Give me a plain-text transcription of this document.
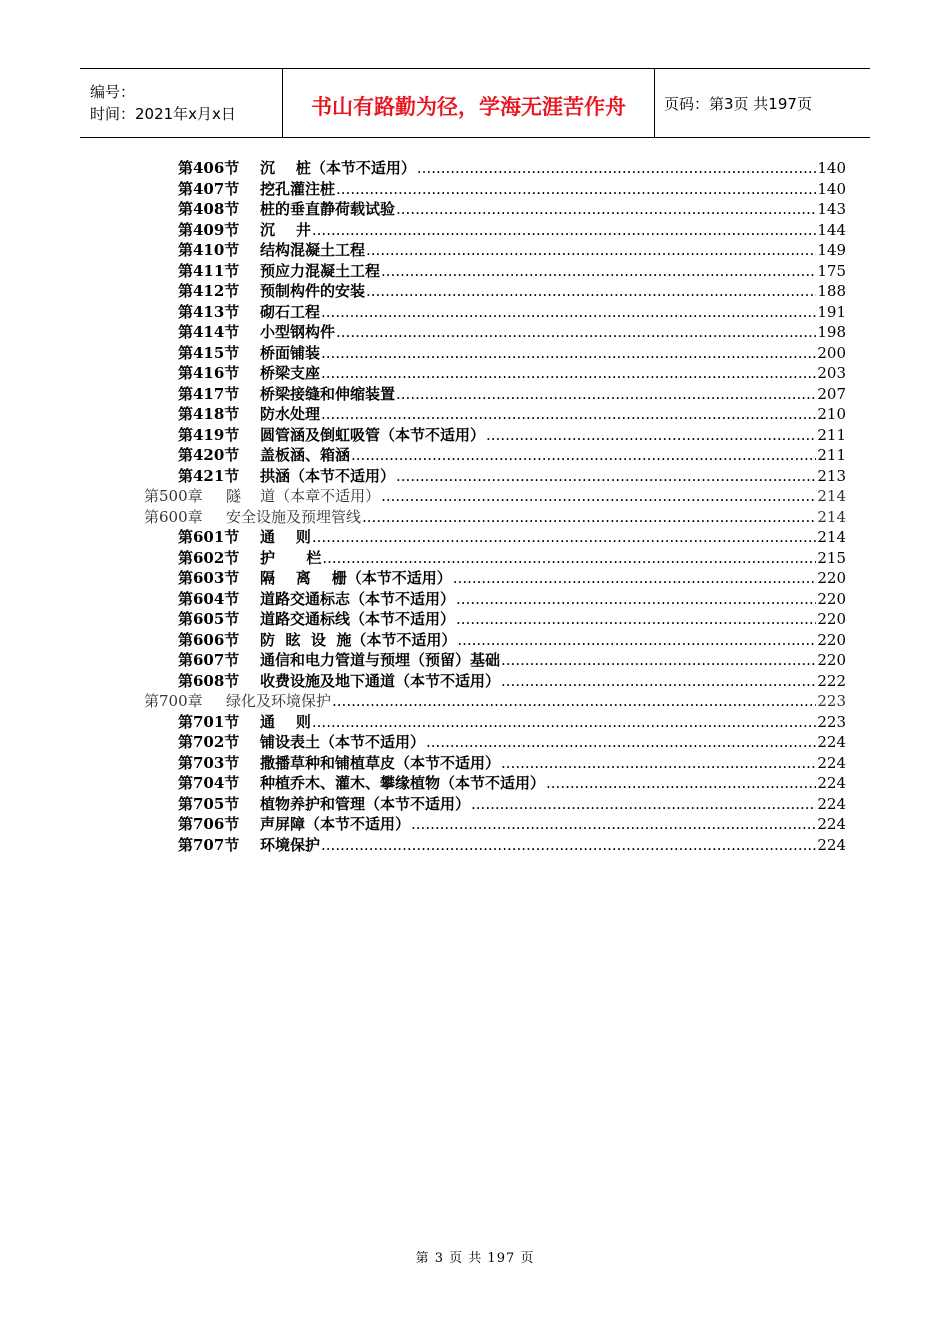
编号：
时间：2021年x月x日	书山有路勤为径，学海无涯苦作舟	页码：第3页 共197页
第406节	沉    桩（本节不适用） .....	140
第407节	挖孔灌注桩 .....	140
第408节	桩的垂直静荷载试验 .....	143
第409节	沉    井 .....	144
第410节	结构混凝土工程 .....	149
第411节	预应力混凝土工程 .....	175
第412节	预制构件的安装 .....	188
第413节	砌石工程 .....	191
第414节	小型钢构件 .....	198
第415节	桥面铺装 .....	200
第416节	桥梁支座 .....	203
第417节	桥梁接缝和伸缩装置 .....	207
第418节	防水处理 .....	210
第419节	圆管涵及倒虹吸管（本节不适用） .....	211
第420节	盖板涵、箱涵 .....	211
第421节	拱涵（本节不适用） .....	213
第500章	隧    道（本章不适用） .....	214
第600章	安全设施及预埋管线 .....	214
第601节	通    则 .....	214
第602节	护      栏 .....	215
第603节	隔    离    栅（本节不适用） .....	220
第604节	道路交通标志（本节不适用） .....	220
第605节	道路交通标线（本节不适用） .....	220
第606节	防  眩  设  施（本节不适用） .....	220
第607节	通信和电力管道与预埋（预留）基础 .....	220
第608节	收费设施及地下通道（本节不适用） .....	222
第700章	绿化及环境保护 .....	223
第701节	通    则 .....	223
第702节	铺设表土（本节不适用） .....	224
第703节	撒播草种和铺植草皮（本节不适用） .....	224
第704节	种植乔木、灌木、攀缘植物（本节不适用） .....	224
第705节	植物养护和管理（本节不适用） .....	224
第706节	声屏障（本节不适用） .....	224
第707节	环境保护 .....	224
第 3 页 共 197 页
